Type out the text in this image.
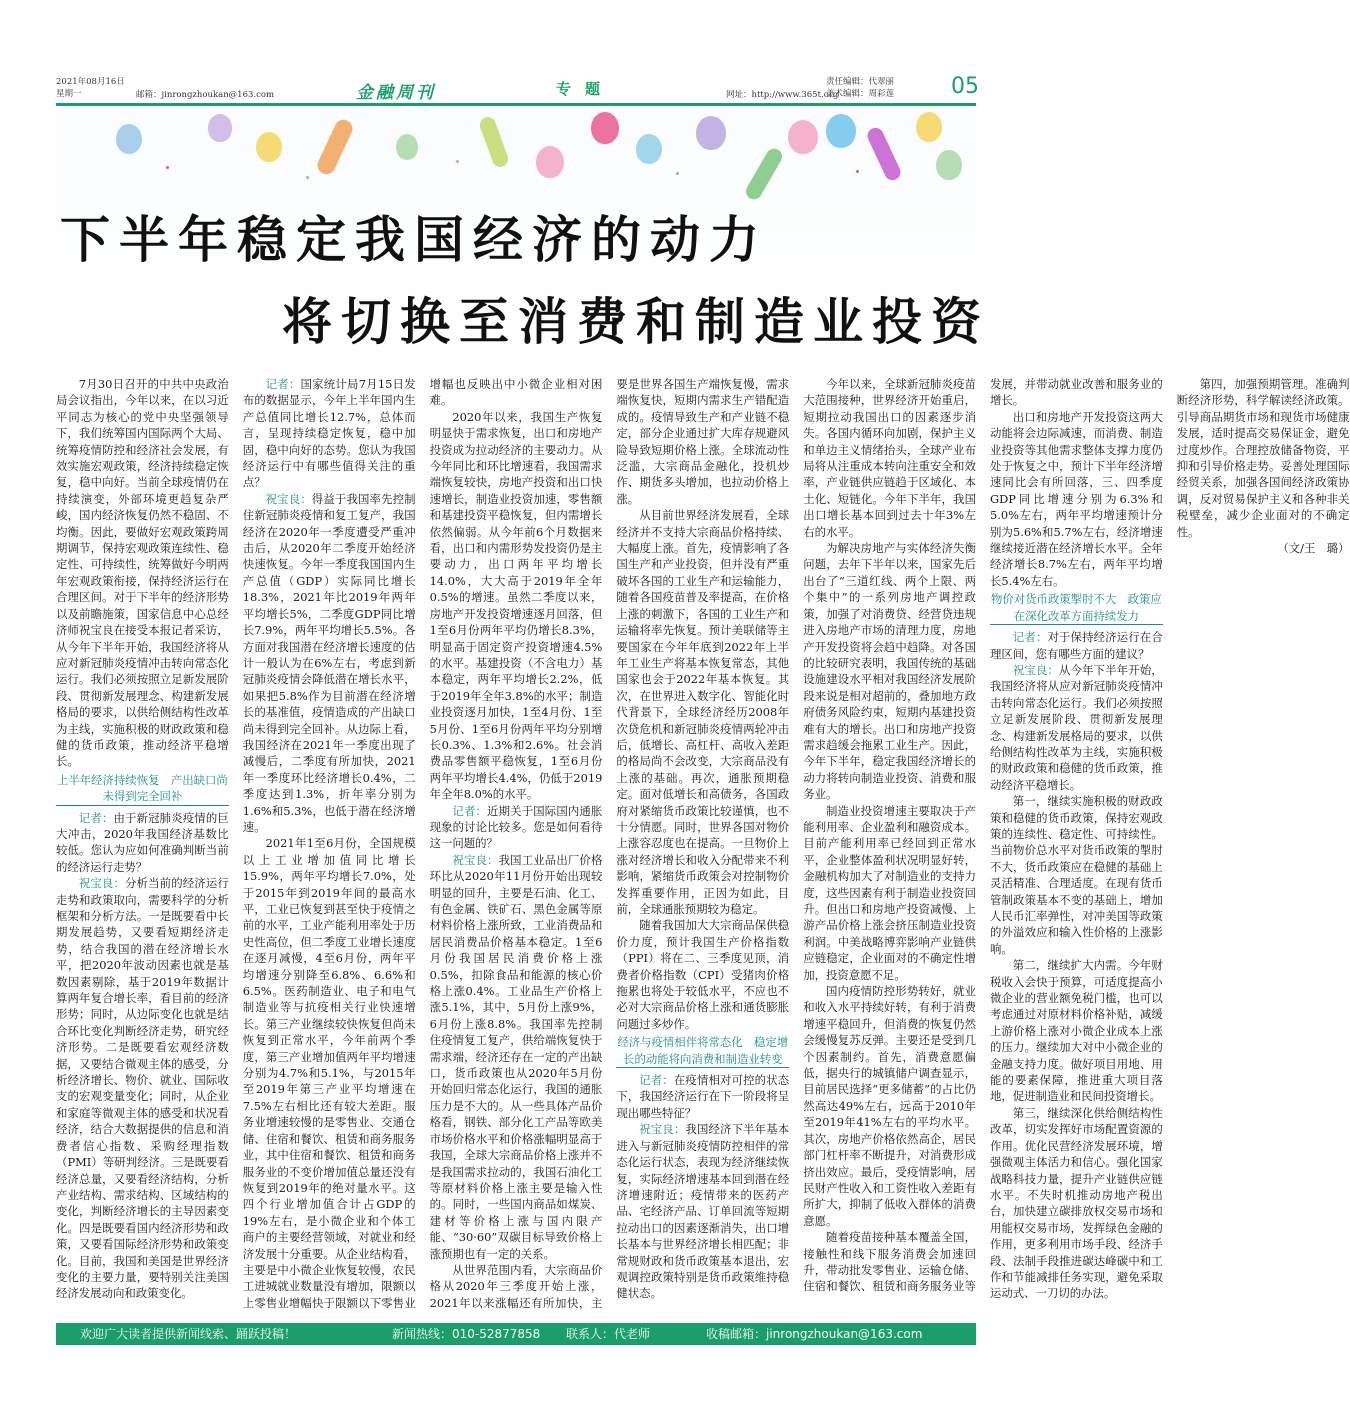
2021年08月16日
星期一	邮箱：jinrongzhoukan@163.com	金融周刊	专题	网址：http://www.365t.org
责任编辑：代翠丽
美术编辑：周彩莲	05
下半年稳定我国经济的动力
将切换至消费和制造业投资

7月30日召开的中共中央政治局会议指出，今年以来，在以习近平同志为核心的党中央坚强领导下，我们统筹国内国际两个大局、统筹疫情防控和经济社会发展，有效实施宏观政策，经济持续稳定恢复，稳中向好。当前全球疫情仍在持续演变，外部环境更趋复杂严峻，国内经济恢复仍然不稳固、不均衡。因此，要做好宏观政策跨周期调节，保持宏观政策连续性、稳定性、可持续性，统筹做好今明两年宏观政策衔接，保持经济运行在合理区间。对于下半年的经济形势以及前瞻施策，国家信息中心总经济师祝宝良在接受本报记者采访，从今年下半年开始，我国经济将从应对新冠肺炎疫情冲击转向常态化运行。我们必须按照立足新发展阶段、贯彻新发展理念、构建新发展格局的要求，以供给侧结构性改革为主线，实施积极的财政政策和稳健的货币政策，推动经济平稳增长。

上半年经济持续恢复　产出缺口尚未得到完全回补

记者：由于新冠肺炎疫情的巨大冲击，2020年我国经济基数比较低。您认为应如何准确判断当前的经济运行走势？

祝宝良：分析当前的经济运行走势和政策取向，需要科学的分析框架和分析方法。一是既要看中长期发展趋势，又要看短期经济走势，结合我国的潜在经济增长水平，把2020年波动因素也就是基数因素剔除，基于2019年数据计算两年复合增长率，看目前的经济形势；同时，从边际变化也就是结合环比变化判断经济走势，研究经济形势。二是既要看宏观经济数据，又要结合微观主体的感受，分析经济增长、物价、就业、国际收支的宏观变量变化；同时，从企业和家庭等微观主体的感受和状况看经济，结合大数据提供的信息和消费者信心指数、采购经理指数（PMI）等研判经济。三是既要看经济总量，又要看经济结构，分析产业结构、需求结构、区域结构的变化，判断经济增长的主导因素变化。四是既要看国内经济形势和政策，又要看国际经济形势和政策变化。目前，我国和美国是世界经济变化的主要力量，要特别关注美国经济发展动向和政策变化。

记者：国家统计局7月15日发布的数据显示，今年上半年国内生产总值同比增长12.7%，总体而言，呈现持续稳定恢复，稳中加固，稳中向好的态势。您认为我国经济运行中有哪些值得关注的重点？

祝宝良：得益于我国率先控制住新冠肺炎疫情和复工复产，我国经济在2020年一季度遭受严重冲击后，从2020年二季度开始经济快速恢复。今年一季度我国国内生产总值（GDP）实际同比增长18.3%，2021年比2019年两年平均增长5%，二季度GDP同比增长7.9%，两年平均增长5.5%。各方面对我国潜在经济增长速度的估计一般认为在6%左右，考虑到新冠肺炎疫情会降低潜在增长水平，如果把5.8%作为目前潜在经济增长的基准值，疫情造成的产出缺口尚未得到完全回补。从边际上看，我国经济在2021年一季度出现了减慢后，二季度有所加快，2021年一季度环比经济增长0.4%，二季度达到1.3%，折年率分别为1.6%和5.3%，也低于潜在经济增速。

2021年1至6月份，全国规模以上工业增加值同比增长15.9%，两年平均增长7.0%，处于2015年到2019年间的最高水平，工业已恢复到甚至快于疫情之前的水平，工业产能利用率处于历史性高位，但二季度工业增长速度在逐月减慢，4至6月份，两年平均增速分别降至6.8%、6.6%和6.5%。医药制造业、电子和电气制造业等与抗疫相关行业快速增长。第三产业继续较快恢复但尚未恢复到正常水平，今年前两个季度，第三产业增加值两年平均增速分别为4.7%和5.1%，与2015年至2019年第三产业平均增速在7.5%左右相比还有较大差距。服务业增速较慢的是零售业、交通仓储、住宿和餐饮、租赁和商务服务业，其中住宿和餐饮、租赁和商务服务业的不变价增加值总量还没有恢复到2019年的绝对量水平。这四个行业增加值合计占GDP的19%左右，是小微企业和个体工商户的主要经营领域，对就业和经济发展十分重要。从企业结构看，主要是中小微企业恢复较慢，农民工进城就业数量没有增加，限额以上零售业增幅快于限额以下零售业增幅也反映出中小微企业相对困难。

2020年以来，我国生产恢复明显快于需求恢复，出口和房地产投资成为拉动经济的主要动力。从今年同比和环比增速看，我国需求端恢复较快，房地产投资和出口快速增长，制造业投资加速，零售额和基建投资平稳恢复，但内需增长依然偏弱。从今年前6个月数据来看，出口和内需形势发投资仍是主要动力，出口两年平均增长14.0%，大大高于2019年全年0.5%的增速。虽然二季度以来，房地产开发投资增速逐月回落，但1至6月份两年平均仍增长8.3%，明显高于固定资产投资增速4.5%的水平。基建投资（不含电力）基本稳定，两年平均增长2.2%，低于2019年全年3.8%的水平；制造业投资逐月加快，1至4月份、1至5月份、1至6月份两年平均分别增长0.3%、1.3%和2.6%。社会消费品零售额平稳恢复，1至6月份两年平均增长4.4%，仍低于2019年全年8.0%的水平。

记者：近期关于国际国内通胀现象的讨论比较多。您是如何看待这一问题的？

祝宝良：我国工业品出厂价格环比从2020年11月份开始出现较明显的回升，主要是石油、化工、有色金属、铁矿石、黑色金属等原材料价格上涨所致，工业消费品和居民消费品价格基本稳定。1至6月份我国居民消费价格上涨0.5%，扣除食品和能源的核心价格上涨0.4%。工业品生产价格上涨5.1%，其中，5月份上涨9%，6月份上涨8.8%。我国率先控制住疫情复工复产，供给端恢复快于需求端，经济还存在一定的产出缺口，货币政策也从2020年5月份开始回归常态化运行，我国的通胀压力是不大的。从一些具体产品价格看，钢铁、部分化工产品等欧美市场价格水平和价格涨幅明显高于我国，全球大宗商品价格上涨并不是我国需求拉动的，我国石油化工等原材料价格上涨主要是输入性的。同时，一些国内商品如煤炭、建材等价格上涨与国内限产能、“30·60”双碳目标导致价格上涨预期也有一定的关系。

从世界范围内看，大宗商品价格从2020年三季度开始上涨，2021年以来涨幅还有所加快，主要是世界各国生产端恢复慢，需求端恢复快，短期内需求生产错配造成的。疫情导致生产和产业链不稳定，部分企业通过扩大库存规避风险导致短期价格上涨。全球流动性泛滥，大宗商品金融化，投机炒作、期货多头增加，也拉动价格上涨。

从目前世界经济发展看，全球经济并不支持大宗商品价格持续、大幅度上涨。首先，疫情影响了各国生产和产业投资，但并没有严重破坏各国的工业生产和运输能力，随着各国疫苗普及率提高，在价格上涨的刺激下，各国的工业生产和运输将率先恢复。预计美联储等主要国家在今年年底到2022年上半年工业生产将基本恢复常态，其他国家也会于2022年基本恢复。其次，在世界进入数字化、智能化时代背景下，全球经济经历2008年次贷危机和新冠肺炎疫情两轮冲击后，低增长、高杠杆、高收入差距的格局尚不会改变，大宗商品没有上涨的基础。再次，通胀预期稳定。面对低增长和高债务，各国政府对紧缩货币政策比较谨慎，也不十分情愿。同时，世界各国对物价上涨容忍度也在提高。一旦物价上涨对经济增长和收入分配带来不利影响，紧缩货币政策会对控制物价发挥重要作用，正因为如此，目前，全球通胀预期较为稳定。

随着我国加大大宗商品保供稳价力度，预计我国生产价格指数（PPI）将在二、三季度见顶，消费者价格指数（CPI）受猪肉价格拖累也将处于较低水平，不应也不必对大宗商品价格上涨和通货膨胀问题过多炒作。

经济与疫情相伴将常态化　稳定增长的动能将向消费和制造业转变

记者：在疫情相对可控的状态下，我国经济运行在下一阶段将呈现出哪些特征？

祝宝良：我国经济下半年基本进入与新冠肺炎疫情防控相伴的常态化运行状态，表现为经济继续恢复，实际经济增速基本回到潜在经济增速附近；疫情带来的医药产品、宅经济产品、订单回流等短期拉动出口的因素逐渐消失，出口增长基本与世界经济增长相匹配；非常规财政和货币政策基本退出，宏观调控政策特别是货币政策维持稳健状态。

今年以来，全球新冠肺炎疫苗大范围接种，世界经济开始重启，短期拉动我国出口的因素逐步消失。各国内循环向加剧，保护主义和单边主义情绪抬头，全球产业布局将从注重成本转向注重安全和效率，产业链供应链趋于区域化、本土化、短链化。今年下半年，我国出口增长基本回到过去十年3%左右的水平。

为解决房地产与实体经济失衡问题，去年下半年以来，国家先后出台了“三道红线、两个上限、两个集中”的一系列房地产调控政策，加强了对消费贷、经营贷违规进入房地产市场的清理力度，房地产开发投资将会趋中趋降。对各国的比较研究表明，我国传统的基础设施建设水平相对我国经济发展阶段来说是相对超前的，叠加地方政府债务风险约束，短期内基建投资难有大的增长。出口和房地产投资需求趋缓会拖累工业生产。因此，今年下半年，稳定我国经济增长的动力将转向制造业投资、消费和服务业。

制造业投资增速主要取决于产能利用率、企业盈利和融资成本。目前产能利用率已经回到正常水平，企业整体盈利状况明显好转，金融机构加大了对制造业的支持力度，这些因素有利于制造业投资回升。但出口和房地产投资减慢、上游产品价格上涨会挤压制造业投资利润。中美战略博弈影响产业链供应链稳定，企业面对的不确定性增加，投资意愿不足。

国内疫情防控形势转好，就业和收入水平持续好转，有利于消费增速平稳回升，但消费的恢复仍然会缓慢复苏反弹。主要还是受到几个因素制约。首先，消费意愿偏低，据央行的城镇储户调查显示，目前居民选择“更多储蓄”的占比仍然高达49%左右，远高于2010年至2019年41%左右的平均水平。其次，房地产价格依然高企，居民部门杠杆率不断提升，对消费形成挤出效应。最后，受疫情影响，居民财产性收入和工资性收入差距有所扩大，抑制了低收入群体的消费意愿。

随着疫苗接种基本覆盖全国，接触性和线下服务消费会加速回升，带动批发零售业、运输仓储、住宿和餐饮、租赁和商务服务业等发展，并带动就业改善和服务业的增长。

出口和房地产开发投资这两大动能将会边际减速，而消费、制造业投资等其他需求整体支撑力度仍处于恢复之中，预计下半年经济增速同比会有所回落，三、四季度GDP同比增速分别为6.3%和5.0%左右，两年平均增速预计分别为5.6%和5.7%左右，经济增速继续接近潜在经济增长水平。全年经济增长8.7%左右，两年平均增长5.4%左右。

物价对货币政策掣肘不大　政策应在深化改革方面持续发力

记者：对于保持经济运行在合理区间，您有哪些方面的建议？

祝宝良：从今年下半年开始，我国经济将从应对新冠肺炎疫情冲击转向常态化运行。我们必须按照立足新发展阶段、贯彻新发展理念、构建新发展格局的要求，以供给侧结构性改革为主线，实施积极的财政政策和稳健的货币政策，推动经济平稳增长。

第一，继续实施积极的财政政策和稳健的货币政策，保持宏观政策的连续性、稳定性、可持续性。当前物价总水平对货币政策的掣肘不大，货币政策应在稳健的基础上灵活精准、合理适度。在现有货币管制政策基本不变的基础上，增加人民币汇率弹性，对冲美国等政策的外溢效应和输入性价格的上涨影响。

第二，继续扩大内需。今年财税收入会快于预算，可适度提高小微企业的营业额免税门槛，也可以考虑通过对原材料价格补贴，减缓上游价格上涨对小微企业成本上涨的压力。继续加大对中小微企业的金融支持力度。做好项目用地、用能的要素保障，推进重大项目落地，促进制造业和民间投资增长。

第三，继续深化供给侧结构性改革，切实发挥好市场配置资源的作用。优化民营经济发展环境，增强微观主体活力和信心。强化国家战略科技力量，提升产业链供应链水平。不失时机推动房地产税出台，加快建立碳排放权交易市场和用能权交易市场，发挥绿色金融的作用，更多利用市场手段、经济手段、法制手段推进碳达峰碳中和工作和节能减排任务实现，避免采取运动式、一刀切的办法。

第四，加强预期管理。准确判断经济形势，科学解读经济政策。引导商品期货市场和现货市场健康发展，适时提高交易保证金，避免过度炒作。合理控放储备物资，平抑和引导价格走势。妥善处理国际经贸关系，加强各国间经济政策协调，反对贸易保护主义和各种非关税壁垒，减少企业面对的不确定性。

（文/王　璐）

欢迎广大读者提供新闻线索、踊跃投稿！	新闻热线：010-52877858 联系人：代老师	收稿邮箱：jinrongzhoukan@163.com
